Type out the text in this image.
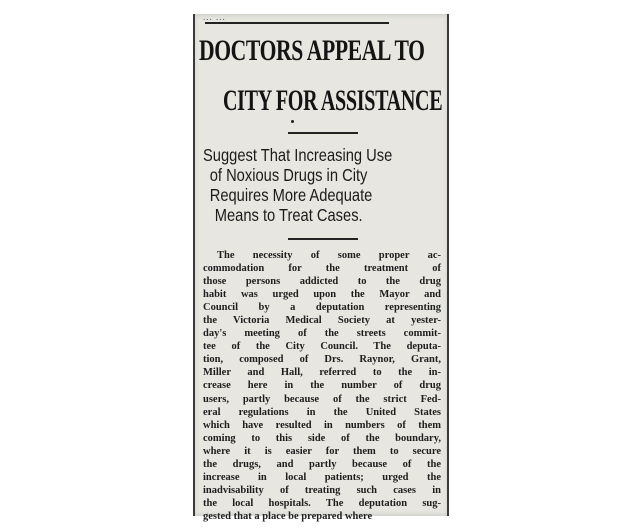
... ...
DOCTORS APPEAL TO
CITY FOR ASSISTANCE
Suggest That Increasing Use
of Noxious Drugs in City
Requires More Adequate
Means to Treat Cases.
The necessity of some proper ac-
commodation for the treatment of
those persons addicted to the drug
habit was urged upon the Mayor and
Council by a deputation representing
the Victoria Medical Society at yester-
day's meeting of the streets commit-
tee of the City Council. The deputa-
tion, composed of Drs. Raynor, Grant,
Miller and Hall, referred to the in-
crease here in the number of drug
users, partly because of the strict Fed-
eral regulations in the United States
which have resulted in numbers of them
coming to this side of the boundary,
where it is easier for them to secure
the drugs, and partly because of the
increase in local patients; urged the
inadvisability of treating such cases in
the local hospitals. The deputation sug-
gested that a place be prepared where
